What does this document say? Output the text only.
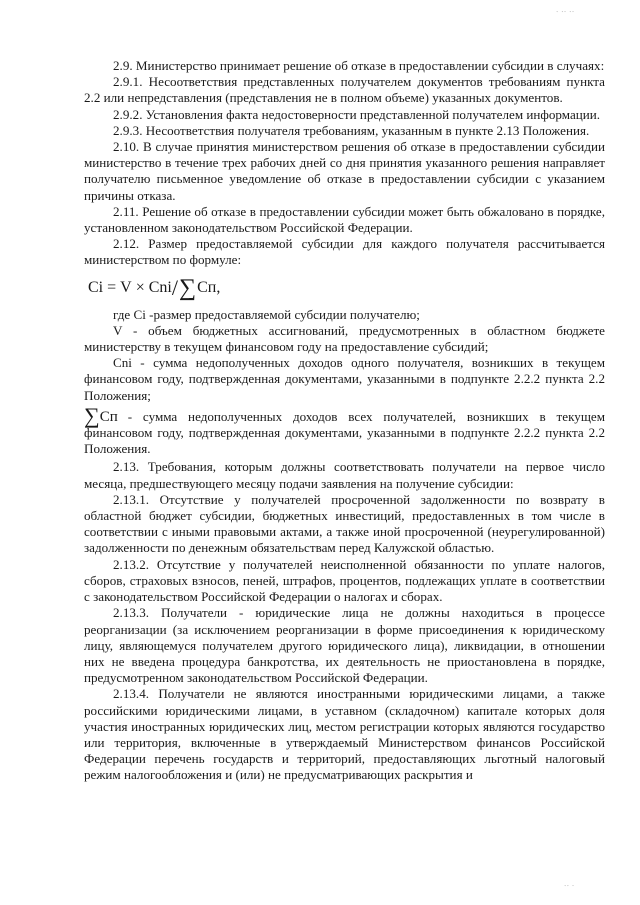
ˑ ˑˑ ˑˑ

2.9. Министерство принимает решение об отказе в предоставлении субсидии в случаях:

2.9.1. Несоответствия представленных получателем документов требованиям пункта 2.2 или непредставления (представления не в полном объеме) указанных документов.

2.9.2. Установления факта недостоверности представленной получателем информации.

2.9.3. Несоответствия получателя требованиям, указанным в пункте 2.13 Положения.

2.10. В случае принятия министерством решения об отказе в предоставлении субсидии министерство в течение трех рабочих дней со дня принятия указанного решения направляет получателю письменное уведомление об отказе в предоставлении субсидии с указанием причины отказа.

2.11. Решение об отказе в предоставлении субсидии может быть обжаловано в порядке, установленном законодательством Российской Федерации.

2.12. Размер предоставляемой субсидии для каждого получателя рассчитывается министерством по формуле:

Ci = V × Сni / ∑ Сп ,

где Ci -размер предоставляемой субсидии получателю;

V - объем бюджетных ассигнований, предусмотренных в областном бюджете министерству в текущем финансовом году на предоставление субсидий;

Сni - сумма недополученных доходов одного получателя, возникших в текущем финансовом году, подтвержденная документами, указанными в подпункте 2.2.2 пункта 2.2 Положения;

∑Сп - сумма недополученных доходов всех получателей, возникших в текущем финансовом году, подтвержденная документами, указанными в подпункте 2.2.2 пункта 2.2 Положения.

2.13. Требования, которым должны соответствовать получатели на первое число месяца, предшествующего месяцу подачи заявления на получение субсидии:

2.13.1. Отсутствие у получателей просроченной задолженности по возврату в областной бюджет субсидии, бюджетных инвестиций, предоставленных в том числе в соответствии с иными правовыми актами, а также иной просроченной (неурегулированной) задолженности по денежным обязательствам перед Калужской областью.

2.13.2. Отсутствие у получателей неисполненной обязанности по уплате налогов, сборов, страховых взносов, пеней, штрафов, процентов, подлежащих уплате в соответствии с законодательством Российской Федерации о налогах и сборах.

2.13.3. Получатели - юридические лица не должны находиться в процессе реорганизации (за исключением реорганизации в форме присоединения к юридическому лицу, являющемуся получателем другого юридического лица), ликвидации, в отношении них не введена процедура банкротства, их деятельность не приостановлена в порядке, предусмотренном законодательством Российской Федерации.

2.13.4. Получатели не являются иностранными юридическими лицами, а также российскими юридическими лицами, в уставном (складочном) капитале которых доля участия иностранных юридических лиц, местом регистрации которых являются государство или территория, включенные в утверждаемый Министерством финансов Российской Федерации перечень государств и территорий, предоставляющих льготный налоговый режим налогообложения и (или) не предусматривающих раскрытия и

ˑˑ ˑ
